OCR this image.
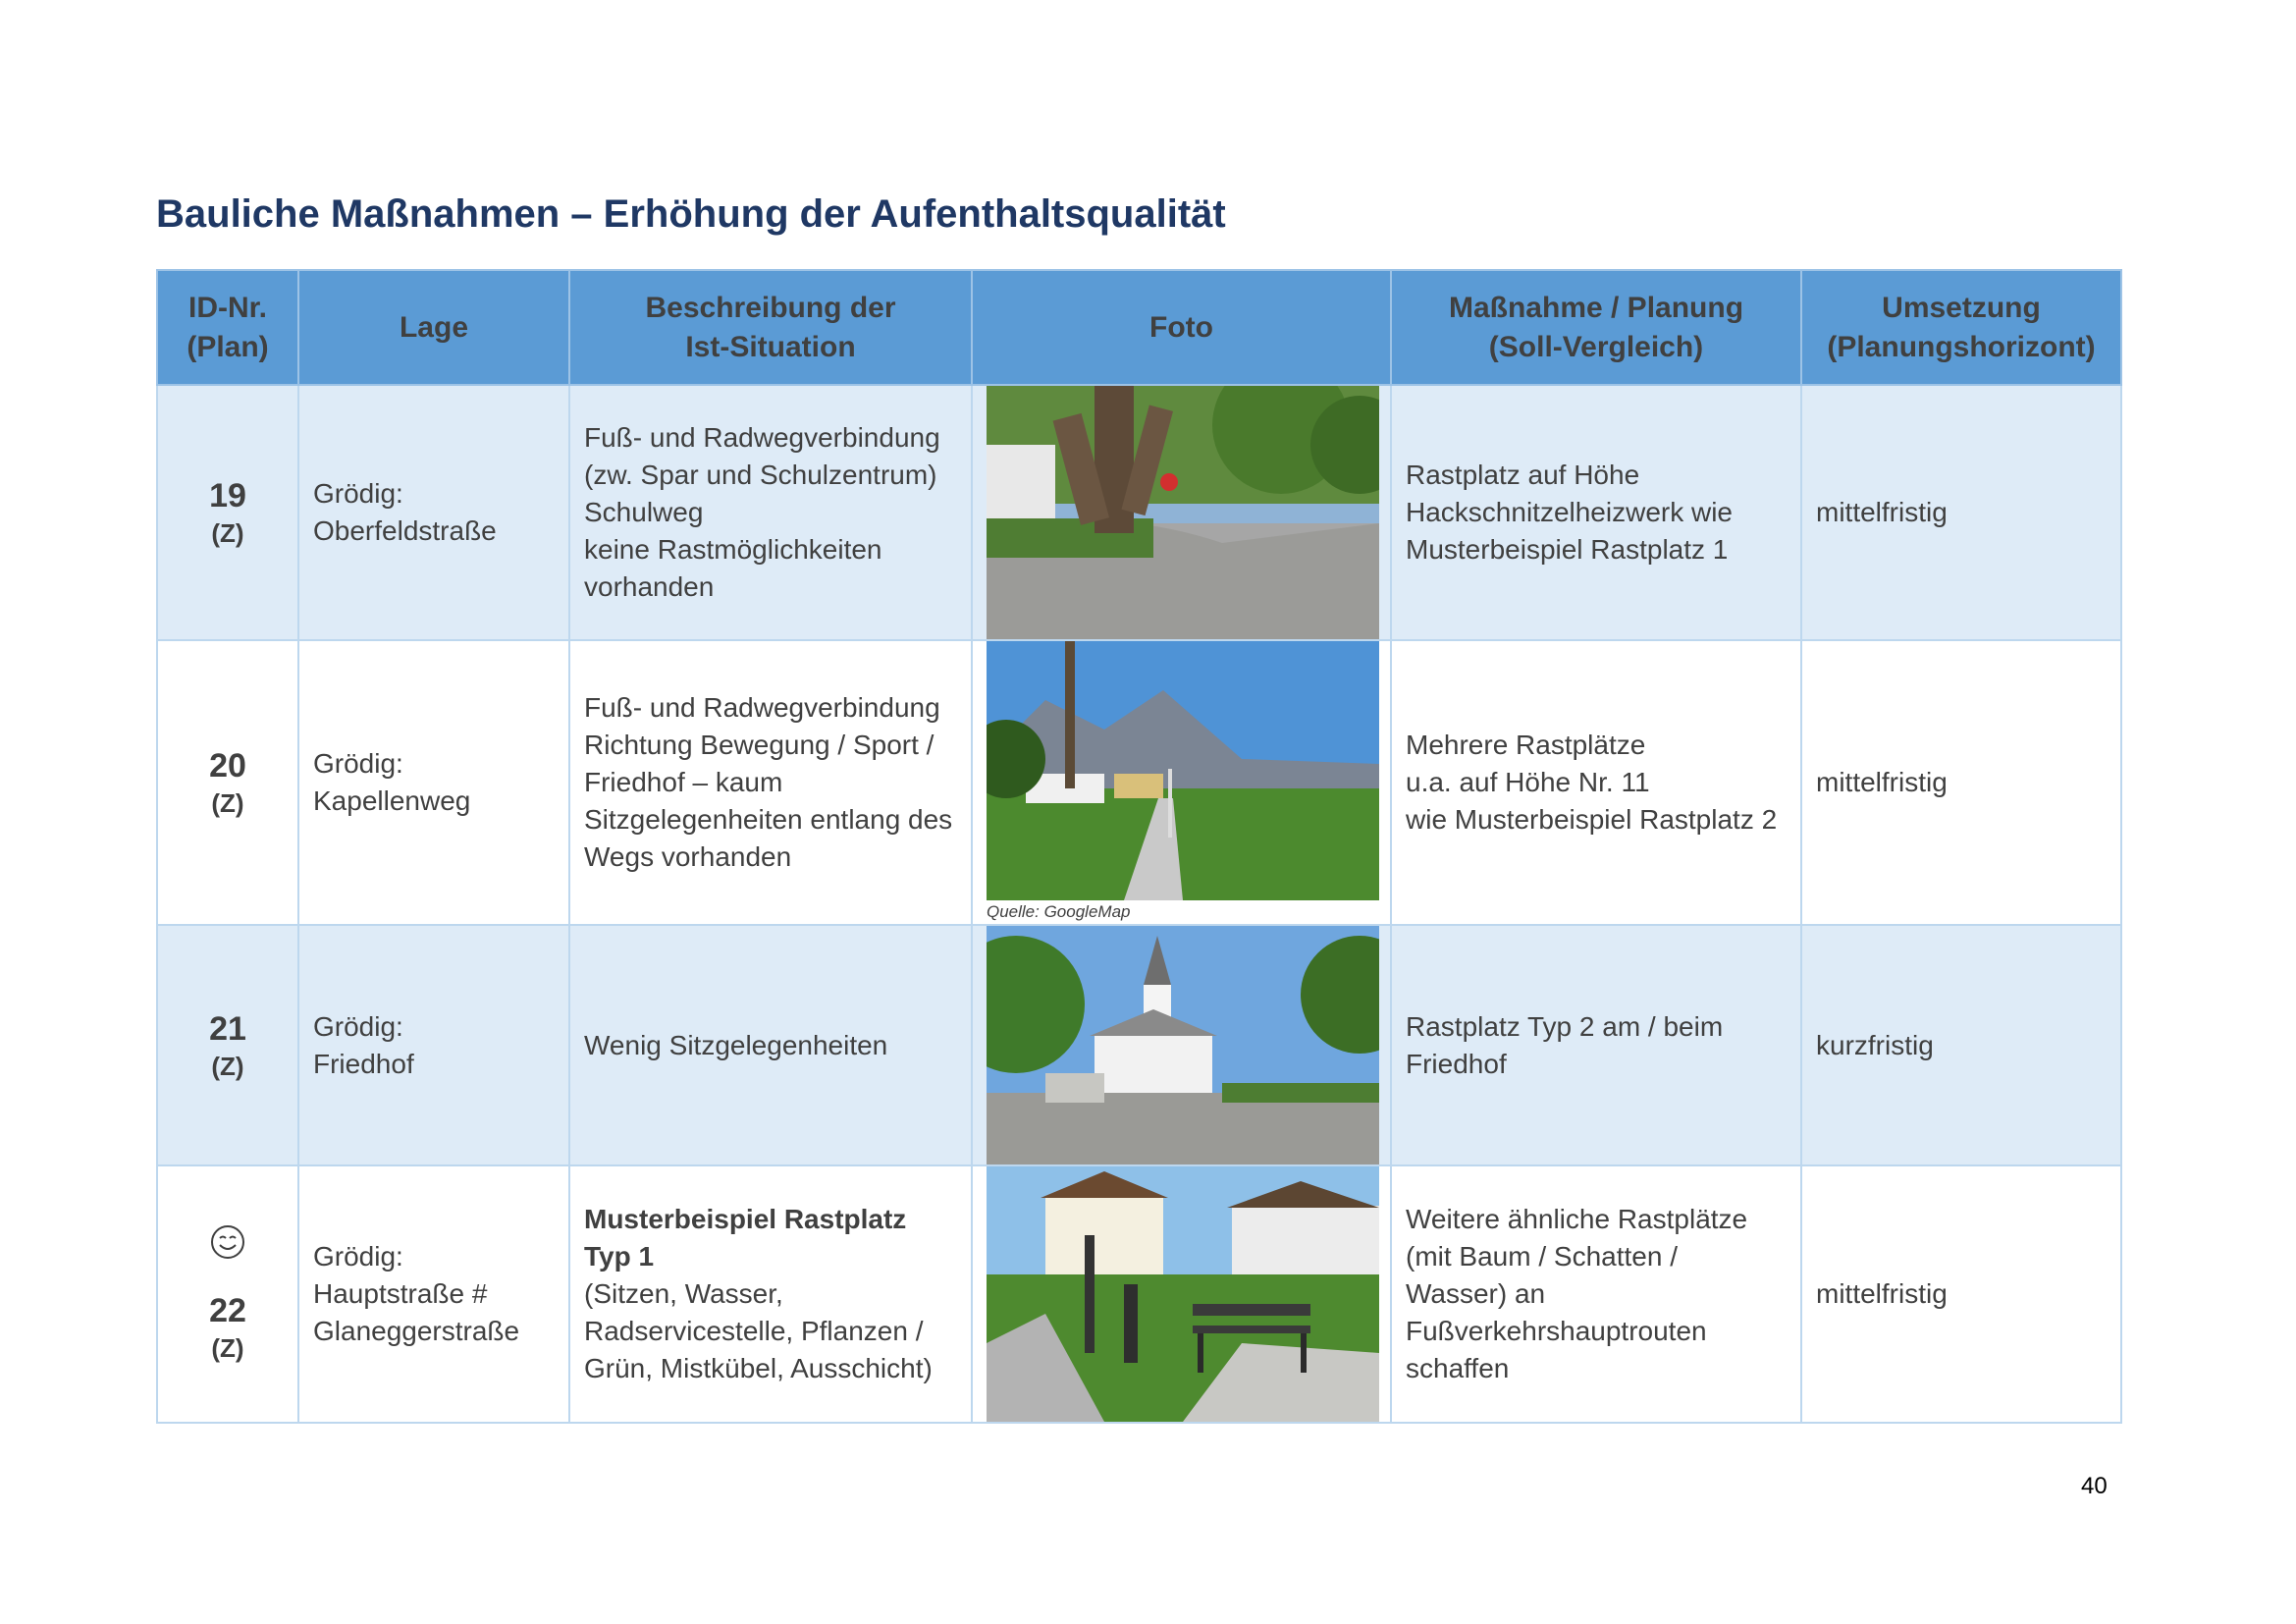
Bauliche Maßnahmen – Erhöhung der Aufenthaltsqualität
ID-Nr.
(Plan)	Lage	Beschreibung der
Ist-Situation	Foto	Maßnahme / Planung
(Soll-Vergleich)	Umsetzung
(Planungshorizont)

19
(Z)	Grödig:
Oberfeldstraße	Fuß- und Radwegverbindung
(zw. Spar und Schulzentrum)
Schulweg
keine Rastmöglichkeiten
vorhanden		Rastplatz auf Höhe
Hackschnitzelheizwerk wie
Musterbeispiel Rastplatz 1	mittelfristig

20
(Z)	Grödig:
Kapellenweg	Fuß- und Radwegverbindung
Richtung Bewegung / Sport /
Friedhof – kaum
Sitzgelegenheiten entlang des
Wegs vorhanden	Quelle: GoogleMap	Mehrere Rastplätze
u.a. auf Höhe Nr. 11
wie Musterbeispiel Rastplatz 2	mittelfristig

21
(Z)	Grödig:
Friedhof	Wenig Sitzgelegenheiten		Rastplatz Typ 2 am / beim
Friedhof	kurzfristig

22
(Z)	Grödig:
Hauptstraße #
Glaneggerstraße	Musterbeispiel Rastplatz
Typ 1
(Sitzen, Wasser,
Radservicestelle, Pflanzen /
Grün, Mistkübel, Ausschicht)		Weitere ähnliche Rastplätze
(mit Baum / Schatten /
Wasser) an
Fußverkehrshauptrouten
schaffen	mittelfristig
40
